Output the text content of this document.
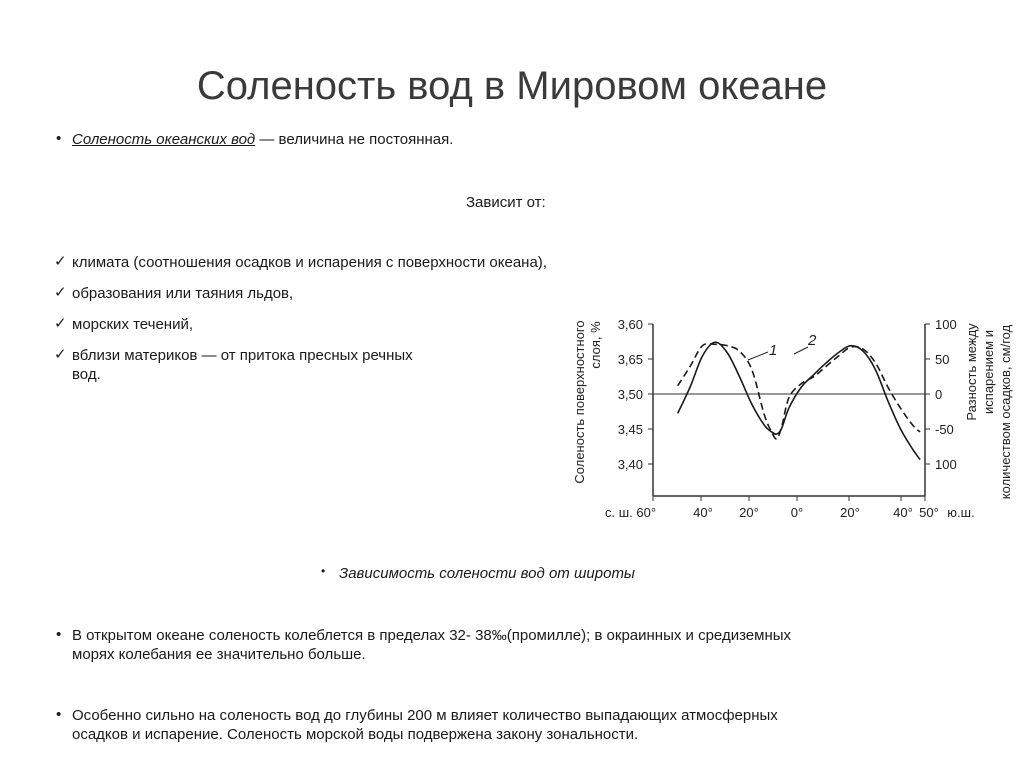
Соленость вод в Мировом океане
• Соленость океанских вод — величина не постоянная.
Зависит от:
✓ климата (соотношения осадков и испарения с поверхности океана),
✓ образования или таяния льдов,
✓ морских течений,
✓ вблизи материков — от притока пресных речных
вод.
3,60
3,65
3,50
3,45
3,40
100
50
0
-50
100
с. ш. 60°	40° 20° 0°	20°	40° 50° ю.ш.
Соленость поверхностного слоя, %	Разность между испарением и количеством осадков, см/год
1
2
• Зависимость солености вод от широты
• В открытом океане соленость колеблется в пределах 32- 38‰(промилле); в окраинных и средиземных
морях колебания ее значительно больше.
• Особенно сильно на соленость вод до глубины 200 м влияет количество выпадающих атмосферных
осадков и испарение. Соленость морской воды подвержена закону зональности.
